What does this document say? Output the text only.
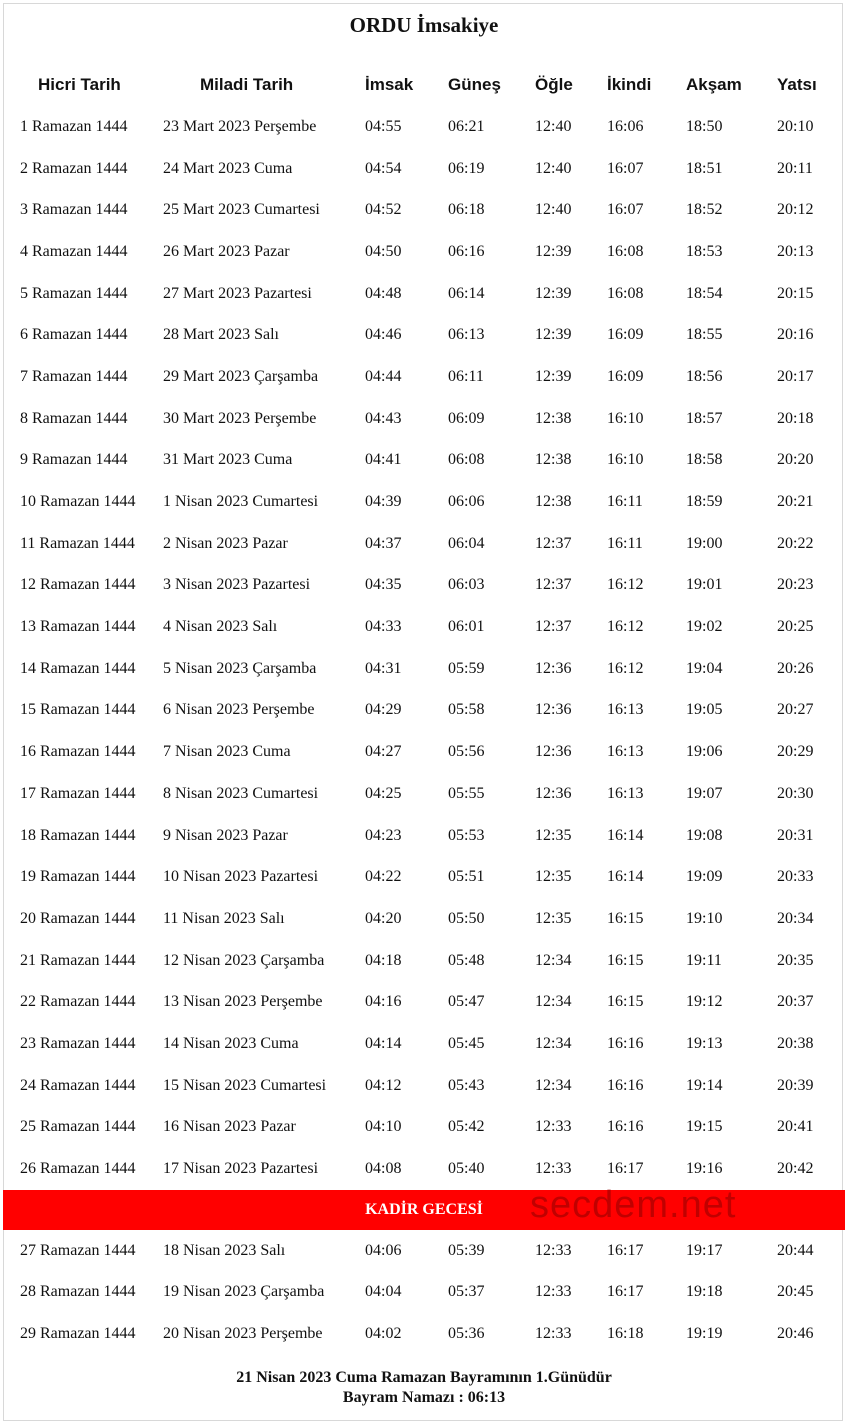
ORDU İmsakiye
Hicri Tarih	Miladi Tarih	İmsak	Güneş	Öğle	İkindi	Akşam	Yatsı
1 Ramazan 1444	23 Mart 2023 Perşembe	04:55	06:21	12:40	16:06	18:50	20:10
2 Ramazan 1444	24 Mart 2023 Cuma	04:54	06:19	12:40	16:07	18:51	20:11
3 Ramazan 1444	25 Mart 2023 Cumartesi	04:52	06:18	12:40	16:07	18:52	20:12
4 Ramazan 1444	26 Mart 2023 Pazar	04:50	06:16	12:39	16:08	18:53	20:13
5 Ramazan 1444	27 Mart 2023 Pazartesi	04:48	06:14	12:39	16:08	18:54	20:15
6 Ramazan 1444	28 Mart 2023 Salı	04:46	06:13	12:39	16:09	18:55	20:16
7 Ramazan 1444	29 Mart 2023 Çarşamba	04:44	06:11	12:39	16:09	18:56	20:17
8 Ramazan 1444	30 Mart 2023 Perşembe	04:43	06:09	12:38	16:10	18:57	20:18
9 Ramazan 1444	31 Mart 2023 Cuma	04:41	06:08	12:38	16:10	18:58	20:20
10 Ramazan 1444	1 Nisan 2023 Cumartesi	04:39	06:06	12:38	16:11	18:59	20:21
11 Ramazan 1444	2 Nisan 2023 Pazar	04:37	06:04	12:37	16:11	19:00	20:22
12 Ramazan 1444	3 Nisan 2023 Pazartesi	04:35	06:03	12:37	16:12	19:01	20:23
13 Ramazan 1444	4 Nisan 2023 Salı	04:33	06:01	12:37	16:12	19:02	20:25
14 Ramazan 1444	5 Nisan 2023 Çarşamba	04:31	05:59	12:36	16:12	19:04	20:26
15 Ramazan 1444	6 Nisan 2023 Perşembe	04:29	05:58	12:36	16:13	19:05	20:27
16 Ramazan 1444	7 Nisan 2023 Cuma	04:27	05:56	12:36	16:13	19:06	20:29
17 Ramazan 1444	8 Nisan 2023 Cumartesi	04:25	05:55	12:36	16:13	19:07	20:30
18 Ramazan 1444	9 Nisan 2023 Pazar	04:23	05:53	12:35	16:14	19:08	20:31
19 Ramazan 1444	10 Nisan 2023 Pazartesi	04:22	05:51	12:35	16:14	19:09	20:33
20 Ramazan 1444	11 Nisan 2023 Salı	04:20	05:50	12:35	16:15	19:10	20:34
21 Ramazan 1444	12 Nisan 2023 Çarşamba	04:18	05:48	12:34	16:15	19:11	20:35
22 Ramazan 1444	13 Nisan 2023 Perşembe	04:16	05:47	12:34	16:15	19:12	20:37
23 Ramazan 1444	14 Nisan 2023 Cuma	04:14	05:45	12:34	16:16	19:13	20:38
24 Ramazan 1444	15 Nisan 2023 Cumartesi	04:12	05:43	12:34	16:16	19:14	20:39
25 Ramazan 1444	16 Nisan 2023 Pazar	04:10	05:42	12:33	16:16	19:15	20:41
26 Ramazan 1444	17 Nisan 2023 Pazartesi	04:08	05:40	12:33	16:17	19:16	20:42
KADİR GECESİ							
27 Ramazan 1444	18 Nisan 2023 Salı	04:06	05:39	12:33	16:17	19:17	20:44
28 Ramazan 1444	19 Nisan 2023 Çarşamba	04:04	05:37	12:33	16:17	19:18	20:45
29 Ramazan 1444	20 Nisan 2023 Perşembe	04:02	05:36	12:33	16:18	19:19	20:46
secdem.net
21 Nisan 2023 Cuma Ramazan Bayramının 1.Günüdür
Bayram Namazı : 06:13
